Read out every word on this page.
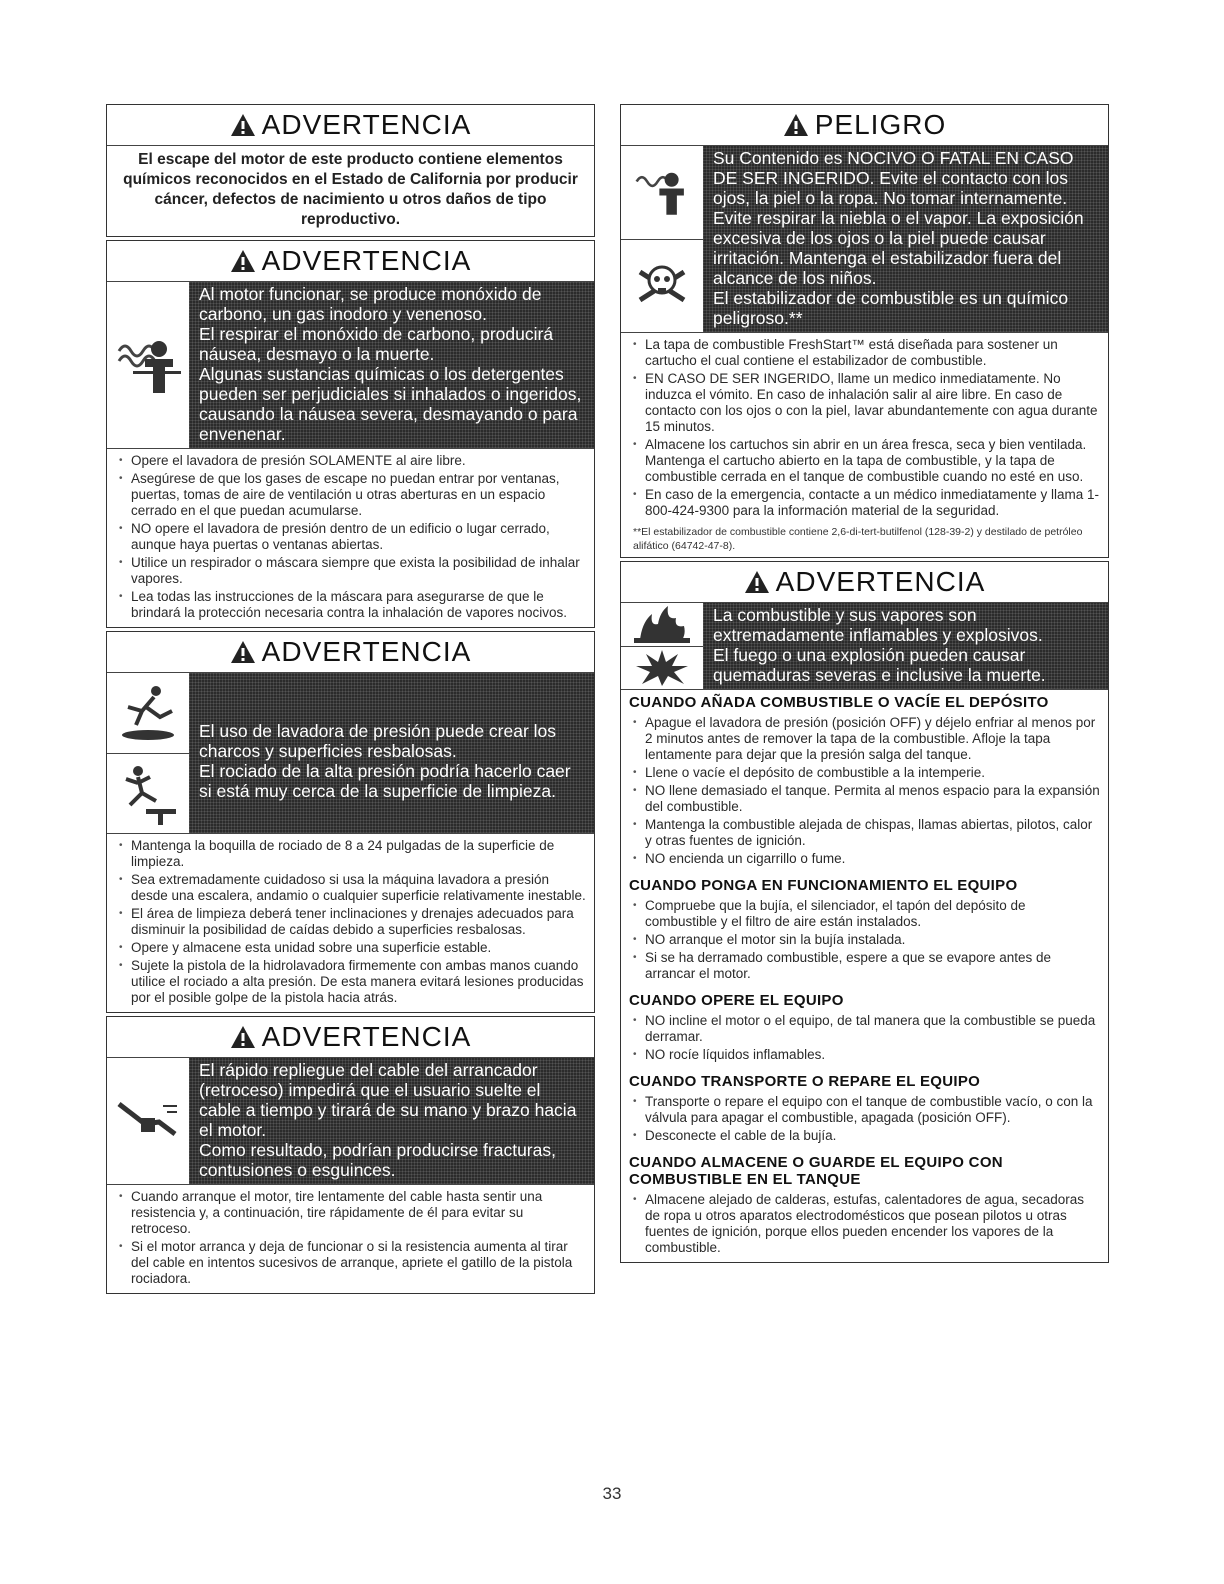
ADVERTENCIA
El escape del motor de este producto contiene elementos químicos reconocidos en el Estado de California por producir cáncer, defectos de nacimiento u otros daños de tipo reproductivo.
ADVERTENCIA

Al motor funcionar, se produce monóxido de carbono, un gas inodoro y venenoso.

El respirar el monóxido de carbono, producirá náusea, desmayo o la muerte.

Algunas sustancias químicas o los detergentes pueden ser perjudiciales si inhalados o ingeridos, causando la náusea severa, desmayando o para envenenar.

• Opere el lavadora de presión SOLAMENTE al aire libre.
• Asegúrese de que los gases de escape no puedan entrar por ventanas, puertas, tomas de aire de ventilación u otras aberturas en un espacio cerrado en el que puedan acumularse.
• NO opere el lavadora de presión dentro de un edificio o lugar cerrado, aunque haya puertas o ventanas abiertas.
• Utilice un respirador o máscara siempre que exista la posibilidad de inhalar vapores.
• Lea todas las instrucciones de la máscara para asegurarse de que le brindará la protección necesaria contra la inhalación de vapores nocivos.
ADVERTENCIA

El uso de lavadora de presión puede crear los charcos y superficies resbalosas.

El rociado de la alta presión podría hacerlo caer si está muy cerca de la superficie de limpieza.

• Mantenga la boquilla de rociado de 8 a 24 pulgadas de la superficie de limpieza.
• Sea extremadamente cuidadoso si usa la máquina lavadora a presión desde una escalera, andamio o cualquier superficie relativamente inestable.
• El área de limpieza deberá tener inclinaciones y drenajes adecuados para disminuir la posibilidad de caídas debido a superficies resbalosas.
• Opere y almacene esta unidad sobre una superficie estable.
• Sujete la pistola de la hidrolavadora firmemente con ambas manos cuando utilice el rociado a alta presión. De esta manera evitará lesiones producidas por el posible golpe de la pistola hacia atrás.
ADVERTENCIA

El rápido repliegue del cable del arrancador (retroceso) impedirá que el usuario suelte el cable a tiempo y tirará de su mano y brazo hacia el motor.

Como resultado, podrían producirse fracturas, contusiones o esguinces.

• Cuando arranque el motor, tire lentamente del cable hasta sentir una resistencia y, a continuación, tire rápidamente de él para evitar su retroceso.
• Si el motor arranca y deja de funcionar o si la resistencia aumenta al tirar del cable en intentos sucesivos de arranque, apriete el gatillo de la pistola rociadora.
PELIGRO

Su Contenido es NOCIVO O FATAL EN CASO DE SER INGERIDO. Evite el contacto con los ojos, la piel o la ropa. No tomar internamente.

Evite respirar la niebla o el vapor. La exposición excesiva de los ojos o la piel puede causar irritación. Mantenga el estabilizador fuera del alcance de los niños.

El estabilizador de combustible es un químico peligroso.**

• La tapa de combustible FreshStart™ está diseñada para sostener un cartucho el cual contiene el estabilizador de combustible.
• EN CASO DE SER INGERIDO, llame un medico inmediatamente. No induzca el vómito. En caso de inhalación salir al aire libre. En caso de contacto con los ojos o con la piel, lavar abundantemente con agua durante 15 minutos.
• Almacene los cartuchos sin abrir en un área fresca, seca y bien ventilada. Mantenga el cartucho abierto en la tapa de combustible, y la tapa de combustible cerrada en el tanque de combustible cuando no esté en uso.
• En caso de la emergencia, contacte a un médico inmediatamente y llama 1-800-424-9300 para la información material de la seguridad.
**El estabilizador de combustible contiene 2,6-di-tert-butilfenol (128-39-2) y destilado de petróleo alifático (64742-47-8).
ADVERTENCIA

La combustible y sus vapores son extremadamente inflamables y explosivos.

El fuego o una explosión pueden causar quemaduras severas e inclusive la muerte.

CUANDO AÑADA COMBUSTIBLE O VACÍE EL DEPÓSITO
• Apague el lavadora de presión (posición OFF) y déjelo enfriar al menos por 2 minutos antes de remover la tapa de la combustible. Afloje la tapa lentamente para dejar que la presión salga del tanque.
• Llene o vacíe el depósito de combustible a la intemperie.
• NO llene demasiado el tanque. Permita al menos espacio para la expansión del combustible.
• Mantenga la combustible alejada de chispas, llamas abiertas, pilotos, calor y otras fuentes de ignición.
• NO encienda un cigarrillo o fume.
CUANDO PONGA EN FUNCIONAMIENTO EL EQUIPO
• Compruebe que la bujía, el silenciador, el tapón del depósito de combustible y el filtro de aire están instalados.
• NO arranque el motor sin la bujía instalada.
• Si se ha derramado combustible, espere a que se evapore antes de arrancar el motor.
CUANDO OPERE EL EQUIPO
• NO incline el motor o el equipo, de tal manera que la combustible se pueda derramar.
• NO rocíe líquidos inflamables.
CUANDO TRANSPORTE O REPARE EL EQUIPO
• Transporte o repare el equipo con el tanque de combustible vacío, o con la válvula para apagar el combustible, apagada (posición OFF).
• Desconecte el cable de la bujía.
CUANDO ALMACENE O GUARDE EL EQUIPO CON COMBUSTIBLE EN EL TANQUE
• Almacene alejado de calderas, estufas, calentadores de agua, secadoras de ropa u otros aparatos electrodomésticos que posean pilotos u otras fuentes de ignición, porque ellos pueden encender los vapores de la combustible.
33
